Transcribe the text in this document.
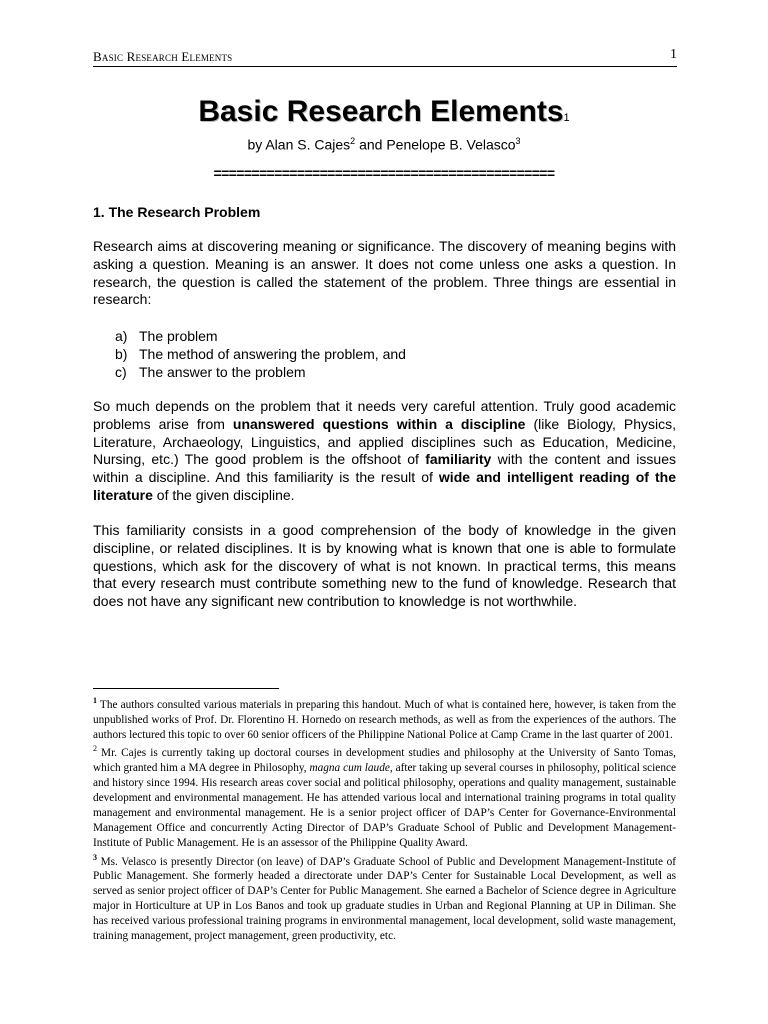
Basic Research Elements	1
Basic Research Elements$^1$
by Alan S. Cajes$^2$ and Penelope B. Velasco$^3$
=============================================
1. The Research Problem

Research aims at discovering meaning or significance. The discovery of meaning begins with asking a question. Meaning is an answer. It does not come unless one asks a question. In research, the question is called the statement of the problem. Three things are essential in research:

a) The problem
b) The method of answering the problem, and
c) The answer to the problem

So much depends on the problem that it needs very careful attention. Truly good academic problems arise from unanswered questions within a discipline (like Biology, Physics, Literature, Archaeology, Linguistics, and applied disciplines such as Education, Medicine, Nursing, etc.) The good problem is the offshoot of familiarity with the content and issues within a discipline. And this familiarity is the result of wide and intelligent reading of the literature of the given discipline.

This familiarity consists in a good comprehension of the body of knowledge in the given discipline, or related disciplines. It is by knowing what is known that one is able to formulate questions, which ask for the discovery of what is not known. In practical terms, this means that every research must contribute something new to the fund of knowledge. Research that does not have any significant new contribution to knowledge is not worthwhile.

$^1$ The authors consulted various materials in preparing this handout. Much of what is contained here, however, is taken from the unpublished works of Prof. Dr. Florentino H. Hornedo on research methods, as well as from the experiences of the authors. The authors lectured this topic to over 60 senior officers of the Philippine National Police at Camp Crame in the last quarter of 2001.

$^2$ Mr. Cajes is currently taking up doctoral courses in development studies and philosophy at the University of Santo Tomas, which granted him a MA degree in Philosophy, magna cum laude, after taking up several courses in philosophy, political science and history since 1994. His research areas cover social and political philosophy, operations and quality management, sustainable development and environmental management. He has attended various local and international training programs in total quality management and environmental management. He is a senior project officer of DAP’s Center for Governance-Environmental Management Office and concurrently Acting Director of DAP’s Graduate School of Public and Development Management-Institute of Public Management. He is an assessor of the Philippine Quality Award.

$^3$ Ms. Velasco is presently Director (on leave) of DAP’s Graduate School of Public and Development Management-Institute of Public Management. She formerly headed a directorate under DAP’s Center for Sustainable Local Development, as well as served as senior project officer of DAP’s Center for Public Management. She earned a Bachelor of Science degree in Agriculture major in Horticulture at UP in Los Banos and took up graduate studies in Urban and Regional Planning at UP in Diliman. She has received various professional training programs in environmental management, local development, solid waste management, training management, project management, green productivity, etc.
